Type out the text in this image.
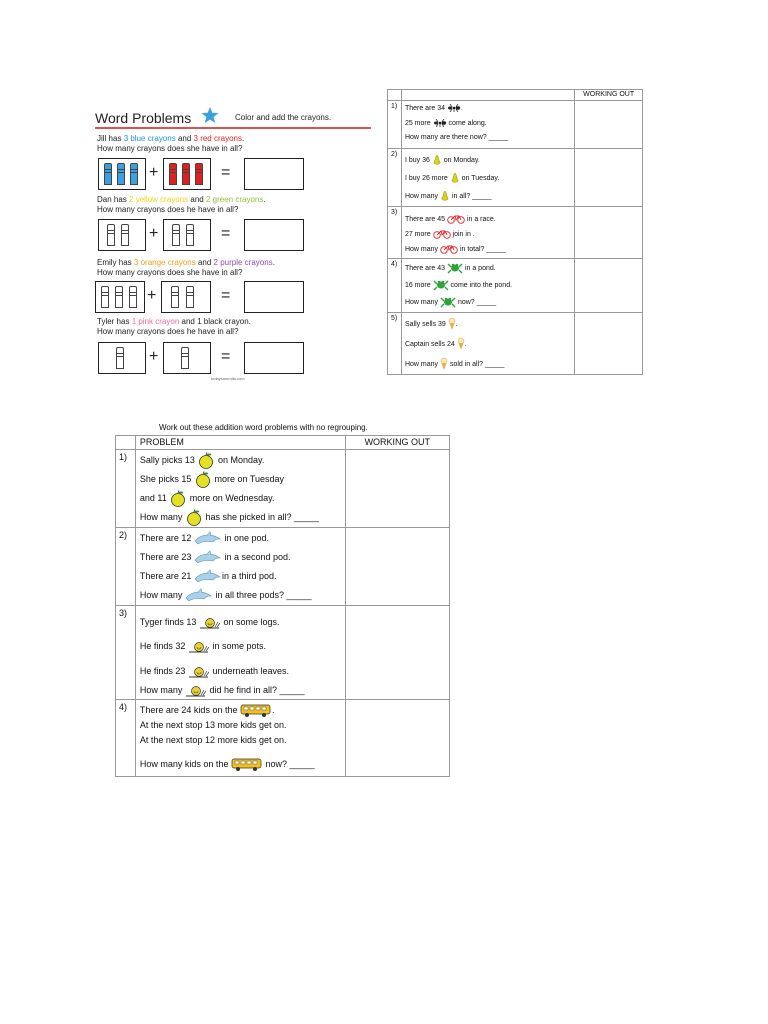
Word Problems	Color and add the crayons.
Jill has 3 blue crayons and 3 red crayons.
How many crayons does she have in all?
+	=
Dan has 2 yellow crayons and 2 green crayons.
How many crayons does he have in all?
+	=
Emily has 3 orange crayons and 2 purple crayons.
How many crayons does she have in all?
+	=
Tyler has 1 pink crayon and 1 black crayon.
How many crayons does he have in all?
+	=
todaysmeridia.com
		WORKING OUT
1)	There are 34 .
25 more come along.
How many are there now? _____	

2)	I buy 36 on Monday.
I buy 26 more on Tuesday.
How many in all? _____	

3)	There are 45 in a race.
27 more join in .
How many in total? _____	

4)	There are 43 in a pond.
16 more come into the pond.
How many now? _____	

5)	Sally sells 39 .
Captain sells 24 .
How many sold in all? _____	

Work out these addition word problems with no regrouping.
	PROBLEM	WORKING OUT
1)	Sally picks 13 on Monday.
She picks 15 more on Tuesday
and 11 more on Wednesday.
How many has she picked in all? _____	

2)	There are 12 in one pod.
There are 23 in a second pod.
There are 21 in a third pod.
How many in all three pods? _____	

3)	Tyger finds 13 on some logs.
He finds 32 in some pots.
He finds 23 underneath leaves.
How many did he find in all? _____	

4)	There are 24 kids on the .
At the next stop 13 more kids get on.
At the next stop 12 more kids get on.
How many kids on the now? _____	
